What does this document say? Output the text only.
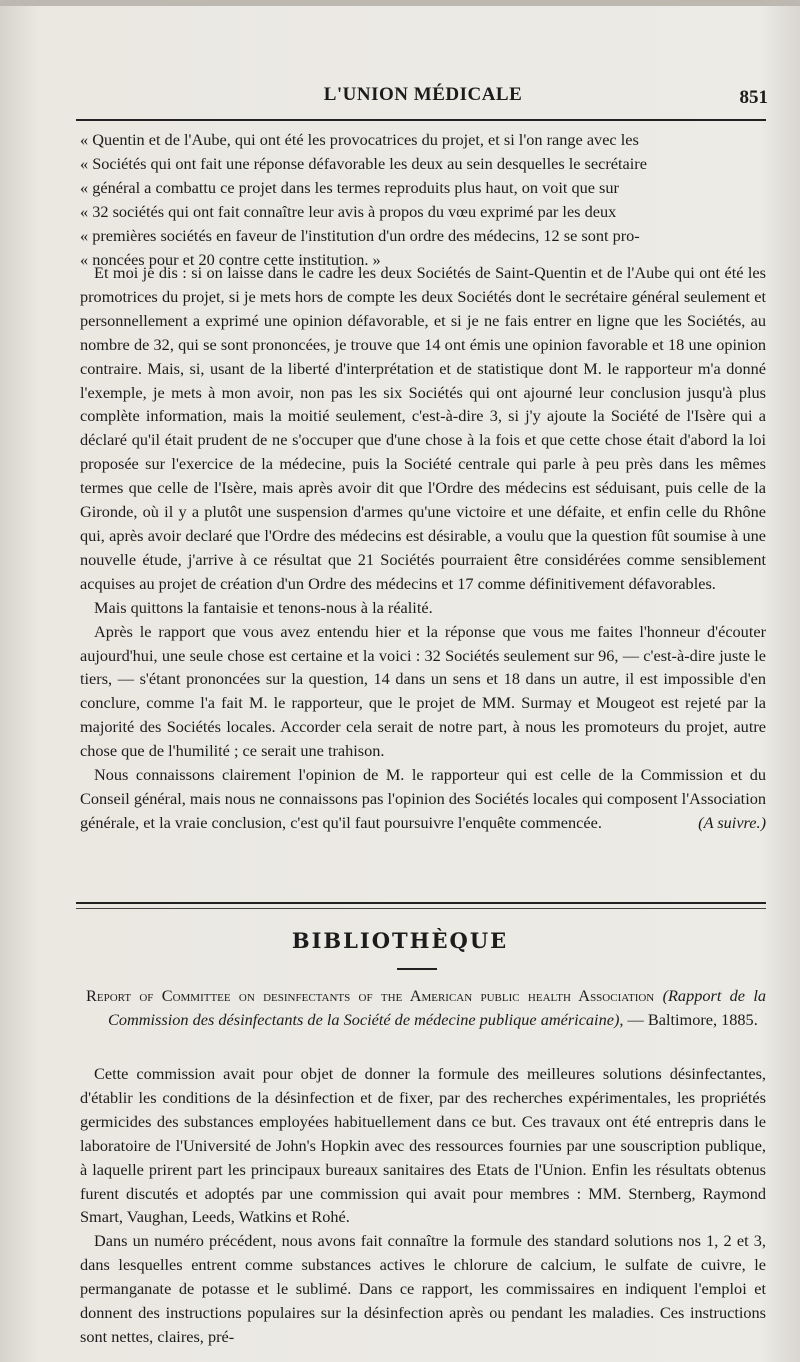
L'UNION MÉDICALE	851

« Quentin et de l'Aube, qui ont été les provocatrices du projet, et si l'on range avec les

« Sociétés qui ont fait une réponse défavorable les deux au sein desquelles le secrétaire

« général a combattu ce projet dans les termes reproduits plus haut, on voit que sur

« 32 sociétés qui ont fait connaître leur avis à propos du vœu exprimé par les deux

« premières sociétés en faveur de l'institution d'un ordre des médecins, 12 se sont pro-

« noncées pour et 20 contre cette institution. »

Et moi je dis : si on laisse dans le cadre les deux Sociétés de Saint-Quentin et de l'Aube qui ont été les promotrices du projet, si je mets hors de compte les deux Sociétés dont le secrétaire général seulement et personnellement a exprimé une opinion défavorable, et si je ne fais entrer en ligne que les Sociétés, au nombre de 32, qui se sont prononcées, je trouve que 14 ont émis une opinion favorable et 18 une opinion contraire. Mais, si, usant de la liberté d'interprétation et de statistique dont M. le rapporteur m'a donné l'exemple, je mets à mon avoir, non pas les six Sociétés qui ont ajourné leur conclusion jusqu'à plus complète information, mais la moitié seulement, c'est-à-dire 3, si j'y ajoute la Société de l'Isère qui a déclaré qu'il était prudent de ne s'occuper que d'une chose à la fois et que cette chose était d'abord la loi proposée sur l'exercice de la médecine, puis la Société centrale qui parle à peu près dans les mêmes termes que celle de l'Isère, mais après avoir dit que l'Ordre des médecins est séduisant, puis celle de la Gironde, où il y a plutôt une suspension d'armes qu'une victoire et une défaite, et enfin celle du Rhône qui, après avoir declaré que l'Ordre des médecins est désirable, a voulu que la question fût soumise à une nouvelle étude, j'arrive à ce résultat que 21 Sociétés pourraient être considérées comme sensiblement acquises au projet de création d'un Ordre des médecins et 17 comme définitivement défavorables.

Mais quittons la fantaisie et tenons-nous à la réalité.

Après le rapport que vous avez entendu hier et la réponse que vous me faites l'honneur d'écouter aujourd'hui, une seule chose est certaine et la voici : 32 Sociétés seulement sur 96, — c'est-à-dire juste le tiers, — s'étant prononcées sur la question, 14 dans un sens et 18 dans un autre, il est impossible d'en conclure, comme l'a fait M. le rapporteur, que le projet de MM. Surmay et Mougeot est rejeté par la majorité des Sociétés locales. Accorder cela serait de notre part, à nous les promoteurs du projet, autre chose que de l'humilité ; ce serait une trahison.

Nous connaissons clairement l'opinion de M. le rapporteur qui est celle de la Commission et du Conseil général, mais nous ne connaissons pas l'opinion des Sociétés locales qui composent l'Association générale, et la vraie conclusion, c'est qu'il faut poursuivre l'enquête commencée.	(A suivre.)

BIBLIOTHÈQUE
Report of Committee on desinfectants of the American public health Association (Rapport de la Commission des désinfectants de la Société de médecine publique américaine), — Baltimore, 1885.

Cette commission avait pour objet de donner la formule des meilleures solutions désinfectantes, d'établir les conditions de la désinfection et de fixer, par des recherches expérimentales, les propriétés germicides des substances employées habituellement dans ce but. Ces travaux ont été entrepris dans le laboratoire de l'Université de John's Hopkin avec des ressources fournies par une souscription publique, à laquelle prirent part les principaux bureaux sanitaires des Etats de l'Union. Enfin les résultats obtenus furent discutés et adoptés par une commission qui avait pour membres : MM. Sternberg, Raymond Smart, Vaughan, Leeds, Watkins et Rohé.

Dans un numéro précédent, nous avons fait connaître la formule des standard solutions nos 1, 2 et 3, dans lesquelles entrent comme substances actives le chlorure de calcium, le sulfate de cuivre, le permanganate de potasse et le sublimé. Dans ce rapport, les commissaires en indiquent l'emploi et donnent des instructions populaires sur la désinfection après ou pendant les maladies. Ces instructions sont nettes, claires, pré-
